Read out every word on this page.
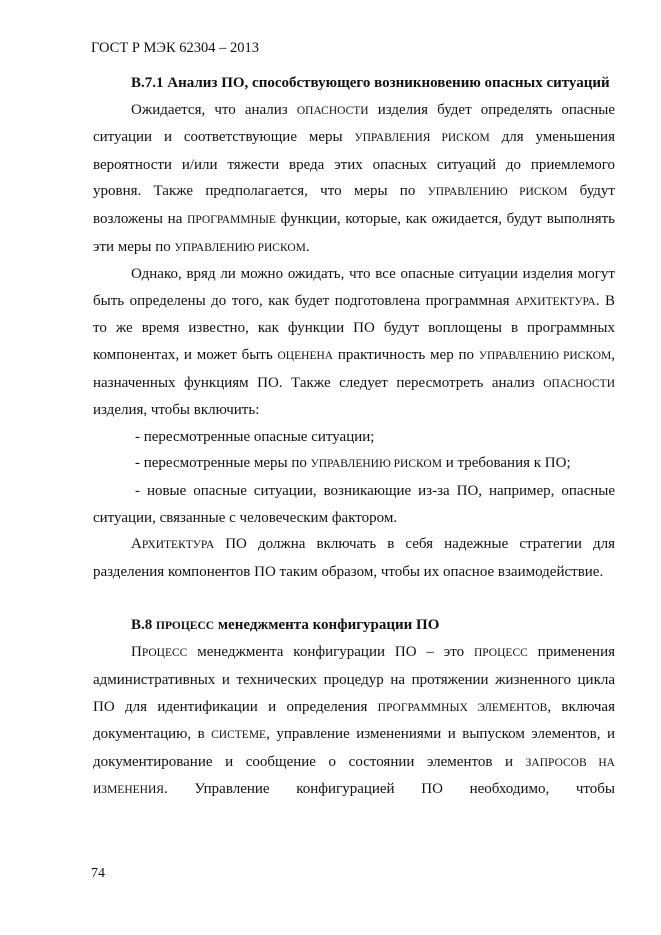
ГОСТ Р МЭК 62304 – 2013

В.7.1 Анализ ПО, способствующего возникновению опасных ситуаций

Ожидается, что анализ ОПАСНОСТИ изделия будет определять опасные ситуации и соответствующие меры УПРАВЛЕНИЯ РИСКОМ для уменьшения вероятности и/или тяжести вреда этих опасных ситуаций до приемлемого уровня. Также предполагается, что меры по УПРАВЛЕНИЮ РИСКОМ будут возложены на ПРОГРАММНЫЕ функции, которые, как ожидается, будут выполнять эти меры по УПРАВЛЕНИЮ РИСКОМ.

Однако, вряд ли можно ожидать, что все опасные ситуации изделия могут быть определены до того, как будет подготовлена программная АРХИТЕКТУРА. В то же время известно, как функции ПО будут воплощены в программных компонентах, и может быть ОЦЕНЕНА практичность мер по УПРАВЛЕНИЮ РИСКОМ, назначенных функциям ПО. Также следует пересмотреть анализ ОПАСНОСТИ изделия, чтобы включить:

- пересмотренные опасные ситуации;

- пересмотренные меры по УПРАВЛЕНИЮ РИСКОМ и требования к ПО;

- новые опасные ситуации, возникающие из-за ПО, например, опасные ситуации, связанные с человеческим фактором.

АРХИТЕКТУРА ПО должна включать в себя надежные стратегии для разделения компонентов ПО таким образом, чтобы их опасное взаимодействие.

В.8 ПРОЦЕСС менеджмента конфигурации ПО

ПРОЦЕСС менеджмента конфигурации ПО – это ПРОЦЕСС применения административных и технических процедур на протяжении жизненного цикла ПО для идентификации и определения ПРОГРАММНЫХ ЭЛЕМЕНТОВ, включая документацию, в СИСТЕМЕ, управление изменениями и выпуском элементов, и документирование и сообщение о состоянии элементов и ЗАПРОСОВ НА ИЗМЕНЕНИЯ. Управление конфигурацией ПО необходимо, чтобы

74
